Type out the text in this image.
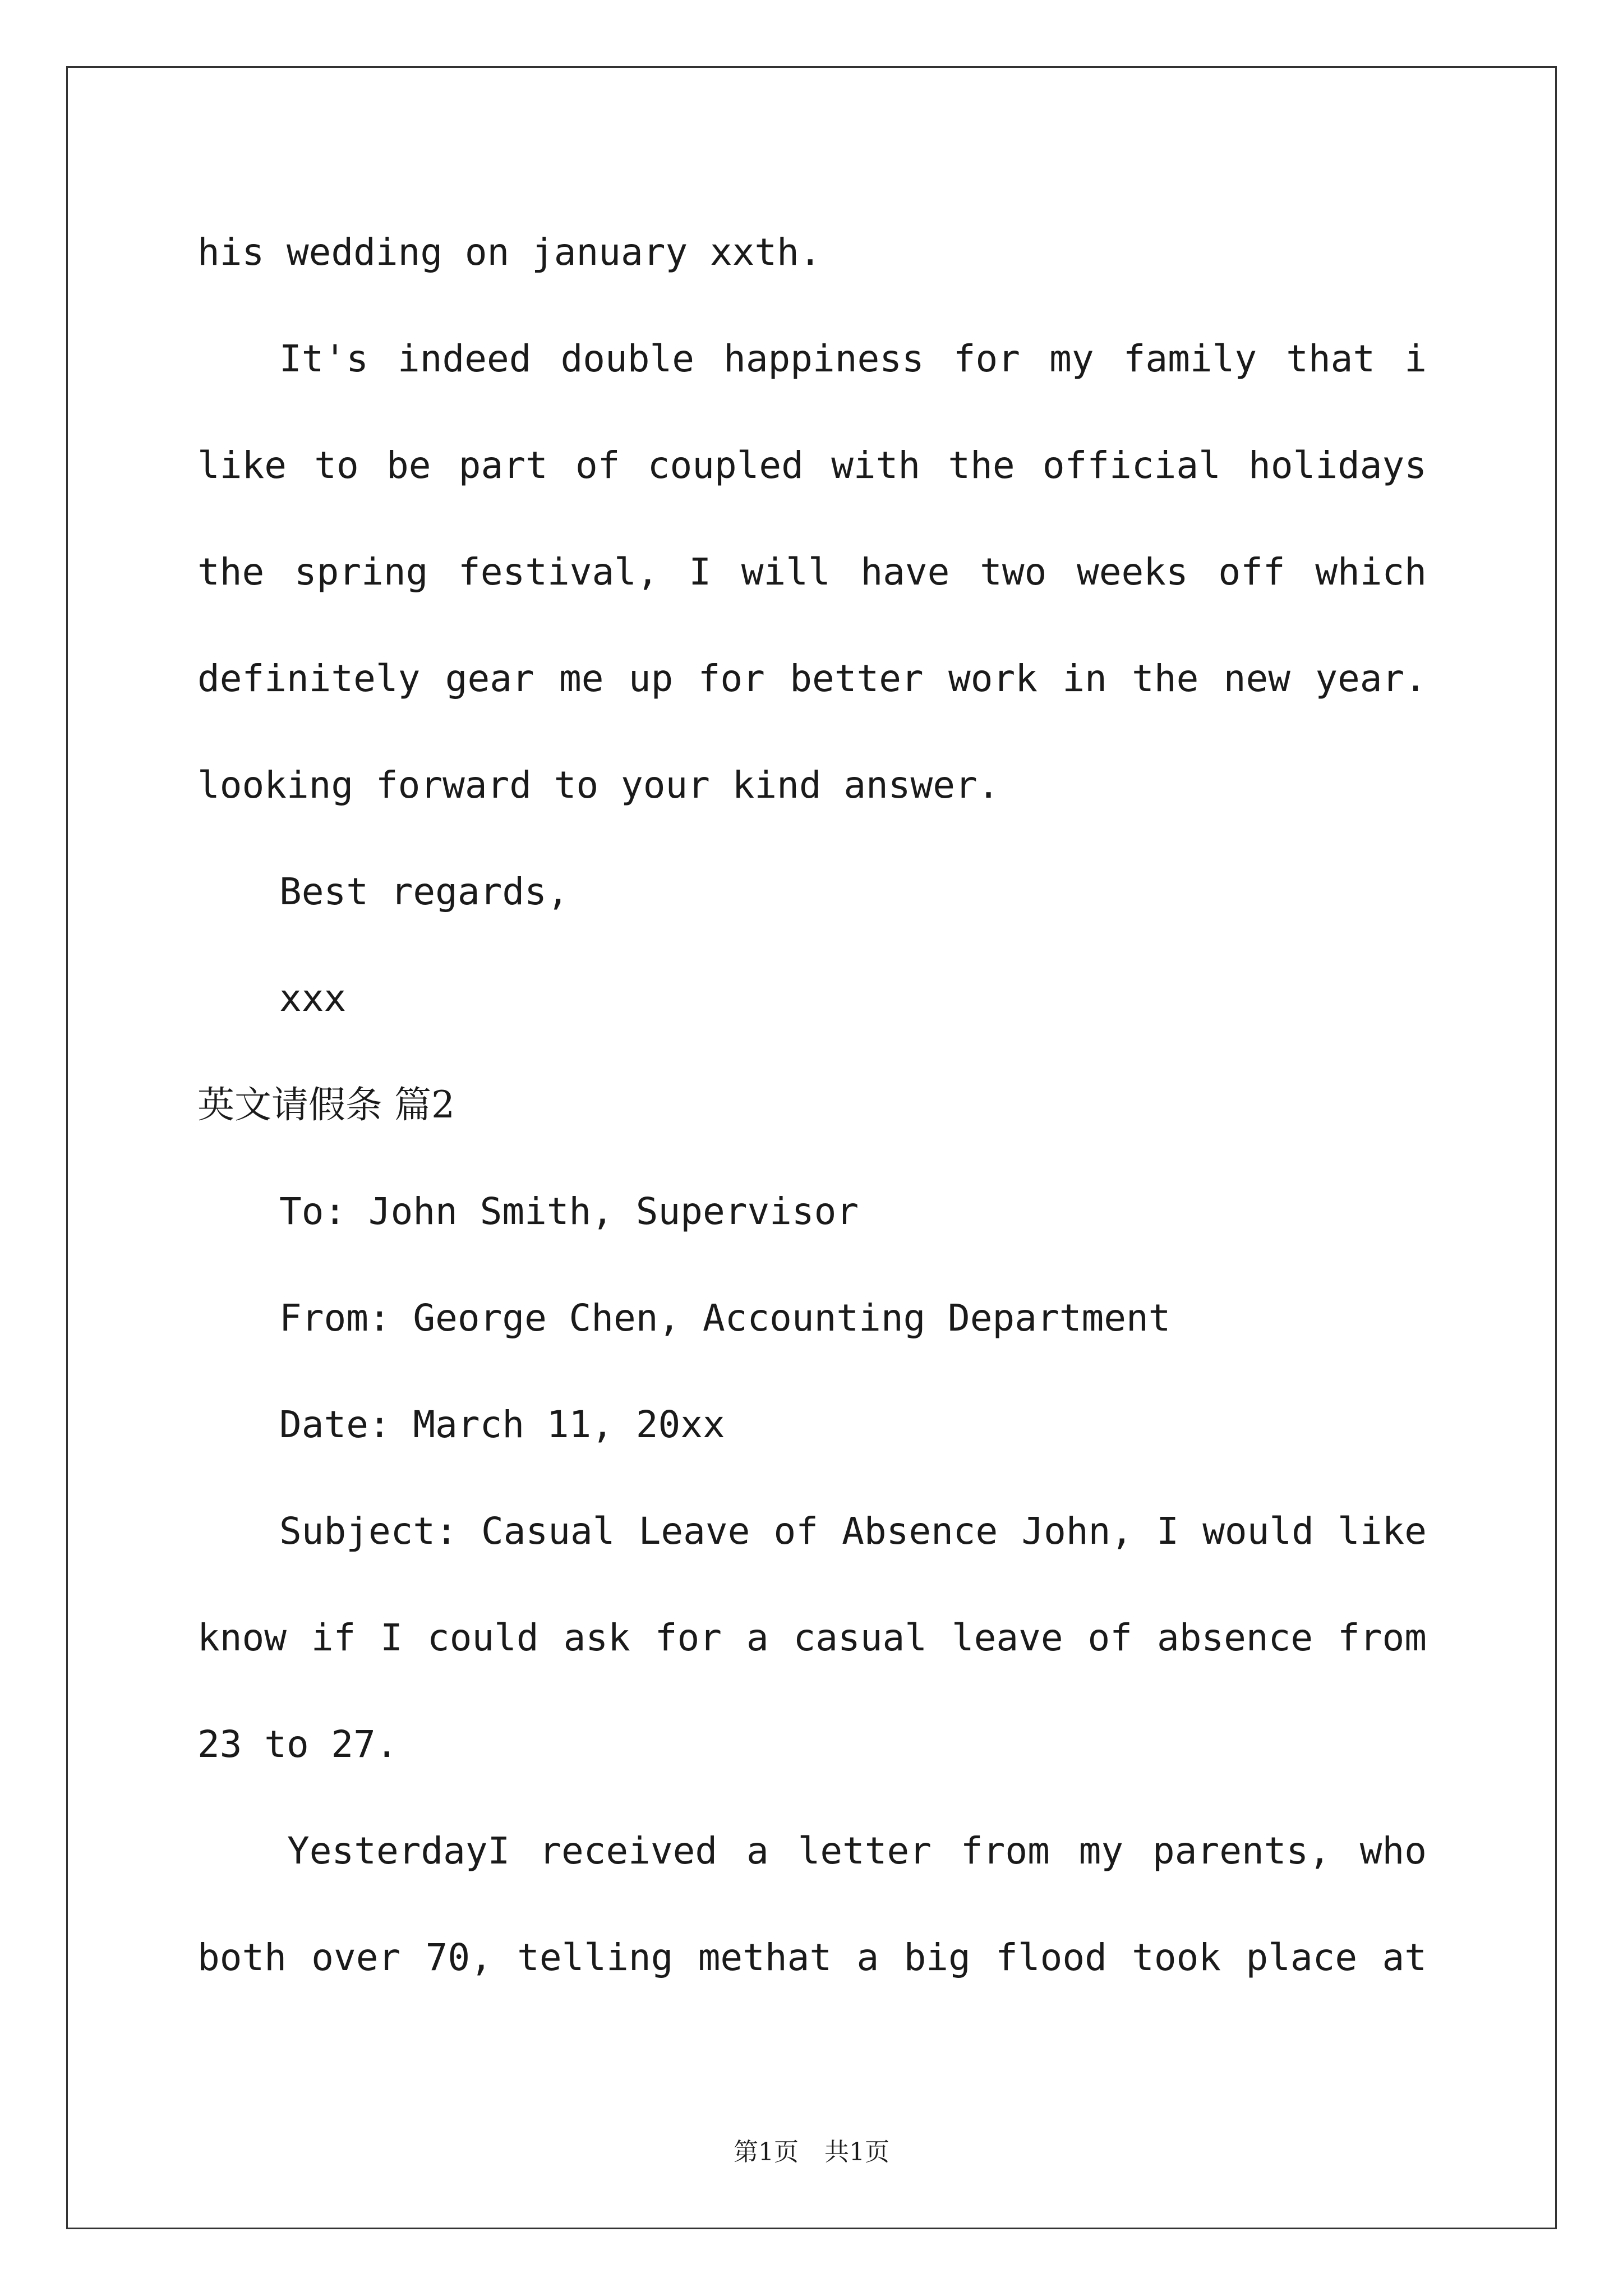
his wedding on january xxth.
It's indeed double happiness for my family that i
like to be part of coupled with the official holidays
the spring festival, I will have two weeks off which
definitely gear me up for better work in the new year.
looking forward to your kind answer.
Best regards,
xxx
英文请假条 篇2
To: John Smith, Supervisor
From: George Chen, Accounting Department
Date: March 11, 20xx
Subject: Casual Leave of Absence John, I would like
know if I could ask for a casual leave of absence from
23 to 27.
YesterdayI received a letter from my parents, who
both over 70, telling methat a big flood took place at
第1页 共1页
